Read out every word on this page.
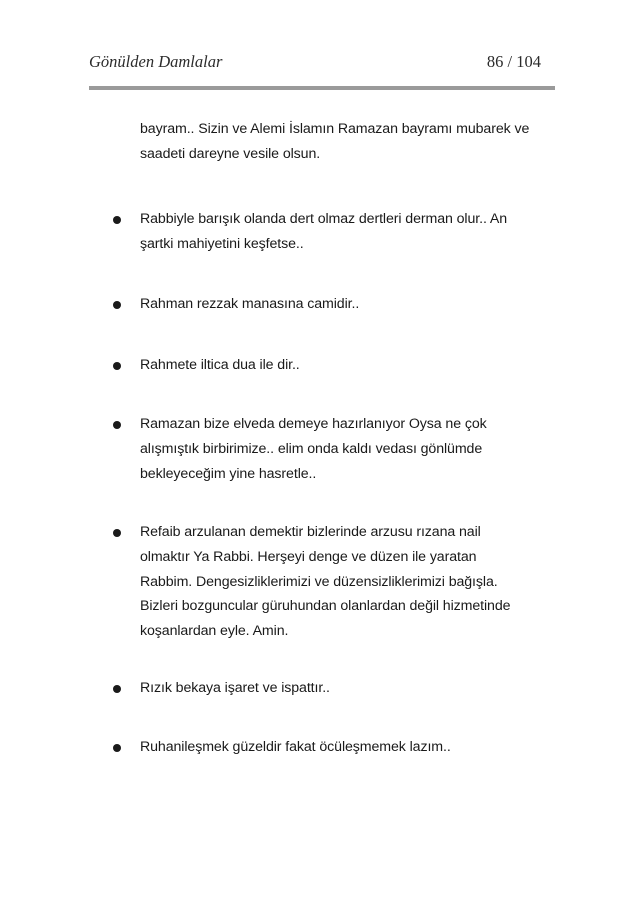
Gönülden Damlalar	86 / 104
bayram.. Sizin ve Alemi İslamın Ramazan bayramı mubarek ve
saadeti dareyne vesile olsun.
Rabbiyle barışık olanda dert olmaz dertleri derman olur.. An
şartki mahiyetini keşfetse..
Rahman rezzak manasına camidir..
Rahmete iltica dua ile dir..
Ramazan bize elveda demeye hazırlanıyor Oysa ne çok
alışmıştık birbirimize.. elim onda kaldı vedası gönlümde
bekleyeceğim yine hasretle..
Refaib arzulanan demektir bizlerinde arzusu rızana nail
olmaktır Ya Rabbi. Herşeyi denge ve düzen ile yaratan
Rabbim. Dengesizliklerimizi ve düzensizliklerimizi bağışla.
Bizleri bozguncular güruhundan olanlardan değil hizmetinde
koşanlardan eyle. Amin.
Rızık bekaya işaret ve ispattır..
Ruhanileşmek güzeldir fakat öcüleşmemek lazım..
